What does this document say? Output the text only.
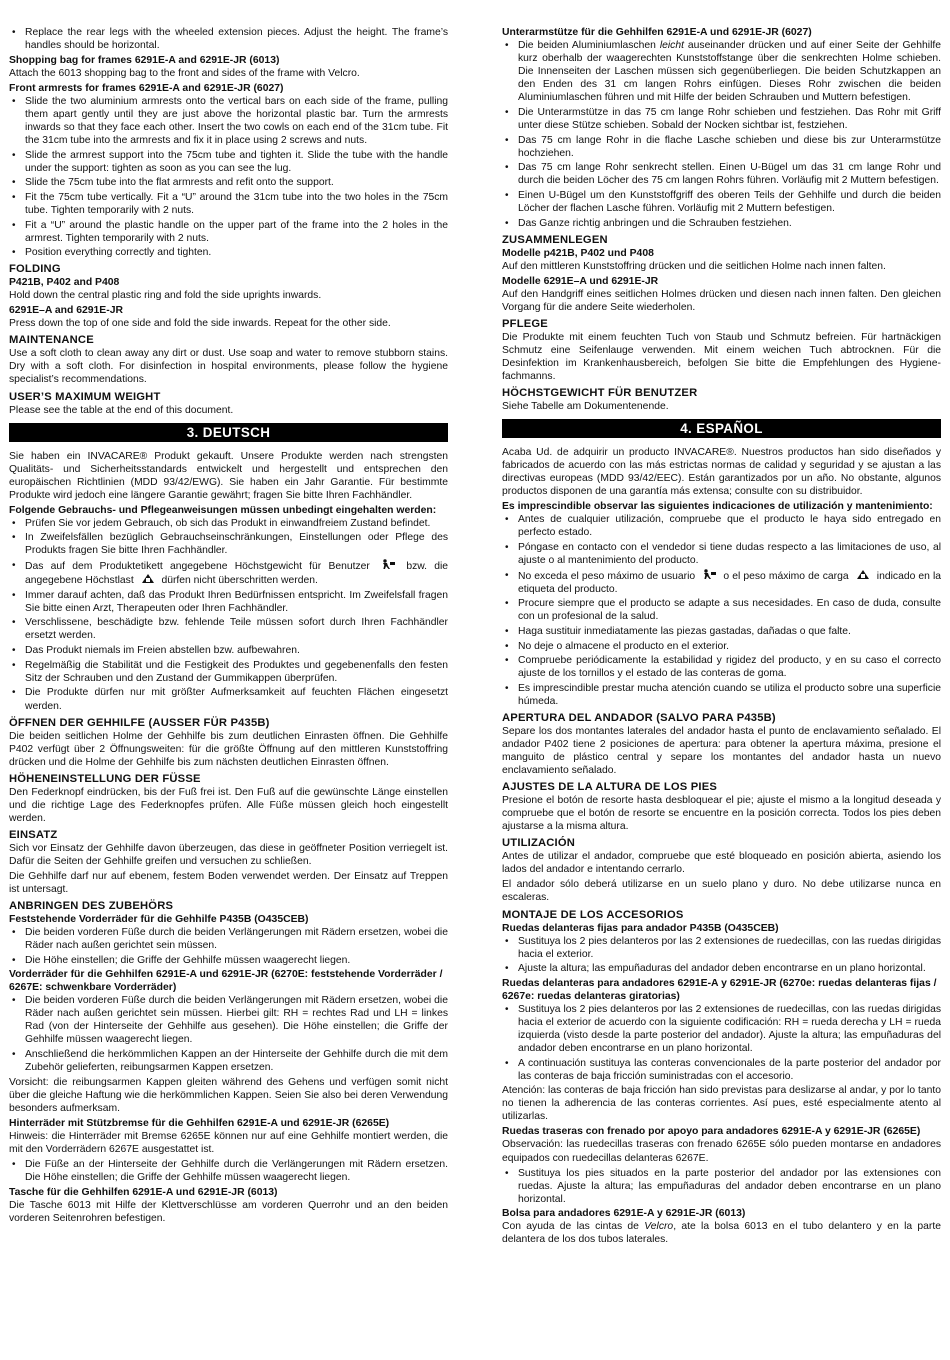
• Replace the rear legs with the wheeled extension pieces. Adjust the height. The frame’s handles should be horizontal.
Shopping bag for frames 6291E-A and 6291E-JR (6013)

Attach the 6013 shopping bag to the front and sides of the frame with Velcro.

Front armrests for frames 6291E-A and 6291E-JR (6027)
• Slide the two aluminium armrests onto the vertical bars on each side of the frame, pulling them apart gently until they are just above the horizontal plastic bar. Turn the armrests inwards so that they face each other. Insert the two cowls on each end of the 31cm tube. Fit the 31cm tube into the armrests and fix it in place using 2 screws and nuts.
• Slide the armrest support into the 75cm tube and tighten it. Slide the tube with the handle under the support: tighten as soon as you can see the lug.
• Slide the 75cm tube into the flat armrests and refit onto the support.
• Fit the 75cm tube vertically. Fit a “U” around the 31cm tube into the two holes in the 75cm tube. Tighten temporarily with 2 nuts.
• Fit a “U” around the plastic handle on the upper part of the frame into the 2 holes in the armrest. Tighten temporarily with 2 nuts.
• Position everything correctly and tighten.
FOLDING
P421B, P402 and P408

Hold down the central plastic ring and fold the side uprights inwards.

6291E–A and 6291E-JR

Press down the top of one side and fold the side inwards. Repeat for the other side.

MAINTENANCE

Use a soft cloth to clean away any dirt or dust. Use soap and water to remove stubborn stains. Dry with a soft cloth. For disinfection in hospital environments, please follow the hygiene specialist’s recommendations.

USER’S MAXIMUM WEIGHT

Please see the table at the end of this document.

3. DEUTSCH

Sie haben ein INVACARE® Produkt gekauft. Unsere Produkte werden nach strengsten Qualitäts- und Sicherheitsstandards entwickelt und hergestellt und entsprechen den europäischen Richtlinien (MDD 93/42/EWG). Sie haben ein Jahr Garantie. Für bestimmte Produkte wird jedoch eine längere Garantie gewährt; fragen Sie bitte Ihren Fachhändler.

Folgende Gebrauchs- und Pflegeanweisungen müssen unbedingt eingehalten werden:
• Prüfen Sie vor jedem Gebrauch, ob sich das Produkt in einwandfreiem Zustand befindet.
• In Zweifelsfällen bezüglich Gebrauchseinschränkungen, Einstellungen oder Pflege des Produkts fragen Sie bitte Ihren Fachhändler.
• Das auf dem Produktetikett angegebene Höchstgewicht für Benutzer	bzw. die angegebene Höchstlast	dürfen nicht überschritten werden.
• Immer darauf achten, daß das Produkt Ihren Bedürfnissen entspricht. Im Zweifelsfall fragen Sie bitte einen Arzt, Therapeuten oder Ihren Fachhändler.
• Verschlissene, beschädigte bzw. fehlende Teile müssen sofort durch Ihren Fachhändler ersetzt werden.
• Das Produkt niemals im Freien abstellen bzw. aufbewahren.
• Regelmäßig die Stabilität und die Festigkeit des Produktes und gegebenenfalls den festen Sitz der Schrauben und den Zustand der Gummikappen überprüfen.
• Die Produkte dürfen nur mit größter Aufmerksamkeit auf feuchten Flächen eingesetzt werden.
ÖFFNEN DER GEHHILFE (AUSSER FÜR P435B)

Die beiden seitlichen Holme der Gehhilfe bis zum deutlichen Einrasten öffnen. Die Gehhilfe P402 verfügt über 2 Öffnungsweiten: für die größte Öffnung auf den mittleren Kunststoffring drücken und die Holme der Gehhilfe bis zum nächsten deutlichen Einrasten öffnen.

HÖHENEINSTELLUNG DER FÜSSE

Den Federknopf eindrücken, bis der Fuß frei ist. Den Fuß auf die gewünschte Länge einstellen und die richtige Lage des Federknopfes prüfen. Alle Füße müssen gleich hoch eingestellt werden.

EINSATZ

Sich vor Einsatz der Gehhilfe davon überzeugen, das diese in geöffneter Position verriegelt ist. Dafür die Seiten der Gehhilfe greifen und versuchen zu schließen.

Die Gehhilfe darf nur auf ebenem, festem Boden verwendet werden. Der Einsatz auf Treppen ist untersagt.

ANBRINGEN DES ZUBEHÖRS
Feststehende Vorderräder für die Gehhilfe P435B (O435CEB)
• Die beiden vorderen Füße durch die beiden Verlängerungen mit Rädern ersetzen, wobei die Räder nach außen gerichtet sein müssen.
• Die Höhe einstellen; die Griffe der Gehhilfe müssen waagerecht liegen.
Vorderräder für die Gehhilfen 6291E-A und 6291E-JR (6270E: feststehende Vorderräder / 6267E: schwenkbare Vorderräder)
• Die beiden vorderen Füße durch die beiden Verlängerungen mit Rädern ersetzen, wobei die Räder nach außen gerichtet sein müssen. Hierbei gilt: RH = rechtes Rad und LH = linkes Rad (von der Hinterseite der Gehhilfe aus gesehen). Die Höhe einstellen; die Griffe der Gehhilfe müssen waagerecht liegen.
• Anschließend die herkömmlichen Kappen an der Hinterseite der Gehhilfe durch die mit dem Zubehör gelieferten, reibungsarmen Kappen ersetzen.

Vorsicht: die reibungsarmen Kappen gleiten während des Gehens und verfügen somit nicht über die gleiche Haftung wie die herkömmlichen Kappen. Seien Sie also bei deren Verwendung besonders aufmerksam.

Hinterräder mit Stützbremse für die Gehhilfen 6291E-A und 6291E-JR (6265E)

Hinweis: die Hinterräder mit Bremse 6265E können nur auf eine Gehhilfe montiert werden, die mit den Vorderrädern 6267E ausgestattet ist.

• Die Füße an der Hinterseite der Gehhilfe durch die Verlängerungen mit Rädern ersetzen. Die Höhe einstellen; die Griffe der Gehhilfe müssen waagerecht liegen.
Tasche für die Gehhilfen 6291E-A und 6291E-JR (6013)

Die Tasche 6013 mit Hilfe der Klettverschlüsse am vorderen Querrohr und an den beiden vorderen Seitenrohren befestigen.

Unterarmstütze für die Gehhilfen 6291E-A und 6291E-JR (6027)
• Die beiden Aluminiumlaschen leicht auseinander drücken und auf einer Seite der Gehhilfe kurz oberhalb der waagerechten Kunststoffstange über die senkrechten Holme schieben. Die Innenseiten der Laschen müssen sich gegenüberliegen. Die beiden Schutzkappen an den Enden des 31 cm langen Rohrs einfügen. Dieses Rohr zwischen die beiden Aluminiumlaschen führen und mit Hilfe der beiden Schrauben und Muttern befestigen.
• Die Unterarmstütze in das 75 cm lange Rohr schieben und festziehen. Das Rohr mit Griff unter diese Stütze schieben. Sobald der Nocken sichtbar ist, festziehen.
• Das 75 cm lange Rohr in die flache Lasche schieben und diese bis zur Unterarmstütze hochziehen.
• Das 75 cm lange Rohr senkrecht stellen. Einen U-Bügel um das 31 cm lange Rohr und durch die beiden Löcher des 75 cm langen Rohrs führen. Vorläufig mit 2 Muttern befestigen.
• Einen U-Bügel um den Kunststoffgriff des oberen Teils der Gehhilfe und durch die beiden Löcher der flachen Lasche führen. Vorläufig mit 2 Muttern befestigen.
• Das Ganze richtig anbringen und die Schrauben festziehen.
ZUSAMMENLEGEN
Modelle p421B, P402 und P408

Auf den mittleren Kunststoffring drücken und die seitlichen Holme nach innen falten.

Modelle 6291E–A und 6291E-JR

Auf den Handgriff eines seitlichen Holmes drücken und diesen nach innen falten. Den gleichen Vorgang für die andere Seite wiederholen.

PFLEGE

Die Produkte mit einem feuchten Tuch von Staub und Schmutz befreien. Für hartnäckigen Schmutz eine Seifenlauge verwenden. Mit einem weichen Tuch abtrocknen. Für die Desinfektion im Krankenhausbereich, befolgen Sie bitte die Empfehlungen des Hygiene-fachmanns.

HÖCHSTGEWICHT FÜR BENUTZER

Siehe Tabelle am Dokumentenende.

4. ESPAÑOL

Acaba Ud. de adquirir un producto INVACARE®. Nuestros productos han sido diseñados y fabricados de acuerdo con las más estrictas normas de calidad y seguridad y se ajustan a las directivas europeas (MDD 93/42/EEC). Están garantizados por un año. No obstante, algunos productos disponen de una garantía más extensa; consulte con su distribuidor.

Es imprescindible observar las siguientes indicaciones de utilización y mantenimiento:
• Antes de cualquier utilización, compruebe que el producto le haya sido entregado en perfecto estado.
• Póngase en contacto con el vendedor si tiene dudas respecto a las limitaciones de uso, al ajuste o al mantenimiento del producto.
• No exceda el peso máximo de usuario	o el peso máximo de carga	indicado en la etiqueta del producto.
• Procure siempre que el producto se adapte a sus necesidades. En caso de duda, consulte con un profesional de la salud.
• Haga sustituir inmediatamente las piezas gastadas, dañadas o que falte.
• No deje o almacene el producto en el exterior.
• Compruebe periódicamente la estabilidad y rigidez del producto, y en su caso el correcto ajuste de los tornillos y el estado de las conteras de goma.
• Es imprescindible prestar mucha atención cuando se utiliza el producto sobre una superficie húmeda.
APERTURA DEL ANDADOR (SALVO PARA P435B)

Separe los dos montantes laterales del andador hasta el punto de enclavamiento señalado. El andador P402 tiene 2 posiciones de apertura: para obtener la apertura máxima, presione el manguito de plástico central y separe los montantes del andador hasta un nuevo enclavamiento señalado.

AJUSTES DE LA ALTURA DE LOS PIES

Presione el botón de resorte hasta desbloquear el pie; ajuste el mismo a la longitud deseada y compruebe que el botón de resorte se encuentre en la posición correcta. Todos los pies deben ajustarse a la misma altura.

UTILIZACIÓN

Antes de utilizar el andador, compruebe que esté bloqueado en posición abierta, asiendo los lados del andador e intentando cerrarlo.

El andador sólo deberá utilizarse en un suelo plano y duro. No debe utilizarse nunca en escaleras.

MONTAJE DE LOS ACCESORIOS
Ruedas delanteras fijas para andador P435B (O435CEB)
• Sustituya los 2 pies delanteros por las 2 extensiones de ruedecillas, con las ruedas dirigidas hacia el exterior.
• Ajuste la altura; las empuñaduras del andador deben encontrarse en un plano horizontal.
Ruedas delanteras para andadores 6291E-A y 6291E-JR (6270e: ruedas delanteras fijas / 6267e: ruedas delanteras giratorias)
• Sustituya los 2 pies delanteros por las 2 extensiones de ruedecillas, con las ruedas dirigidas hacia el exterior de acuerdo con la siguiente codificación: RH = rueda derecha y LH = rueda izquierda (visto desde la parte posterior del andador). Ajuste la altura; las empuñaduras del andador deben encontrarse en un plano horizontal.
• A continuación sustituya las conteras convencionales de la parte posterior del andador por las conteras de baja fricción suministradas con el accesorio.

Atención: las conteras de baja fricción han sido previstas para deslizarse al andar, y por lo tanto no tienen la adherencia de las conteras corrientes. Así pues, esté especialmente atento al utilizarlas.

Ruedas traseras con frenado por apoyo para andadores 6291E-A y 6291E-JR (6265E)

Observación: las ruedecillas traseras con frenado 6265E sólo pueden montarse en andadores equipados con ruedecillas delanteras 6267E.

• Sustituya los pies situados en la parte posterior del andador por las extensiones con ruedas. Ajuste la altura; las empuñaduras del andador deben encontrarse en un plano horizontal.
Bolsa para andadores 6291E-A y 6291E-JR (6013)

Con ayuda de las cintas de Velcro, ate la bolsa 6013 en el tubo delantero y en la parte delantera de los dos tubos laterales.
